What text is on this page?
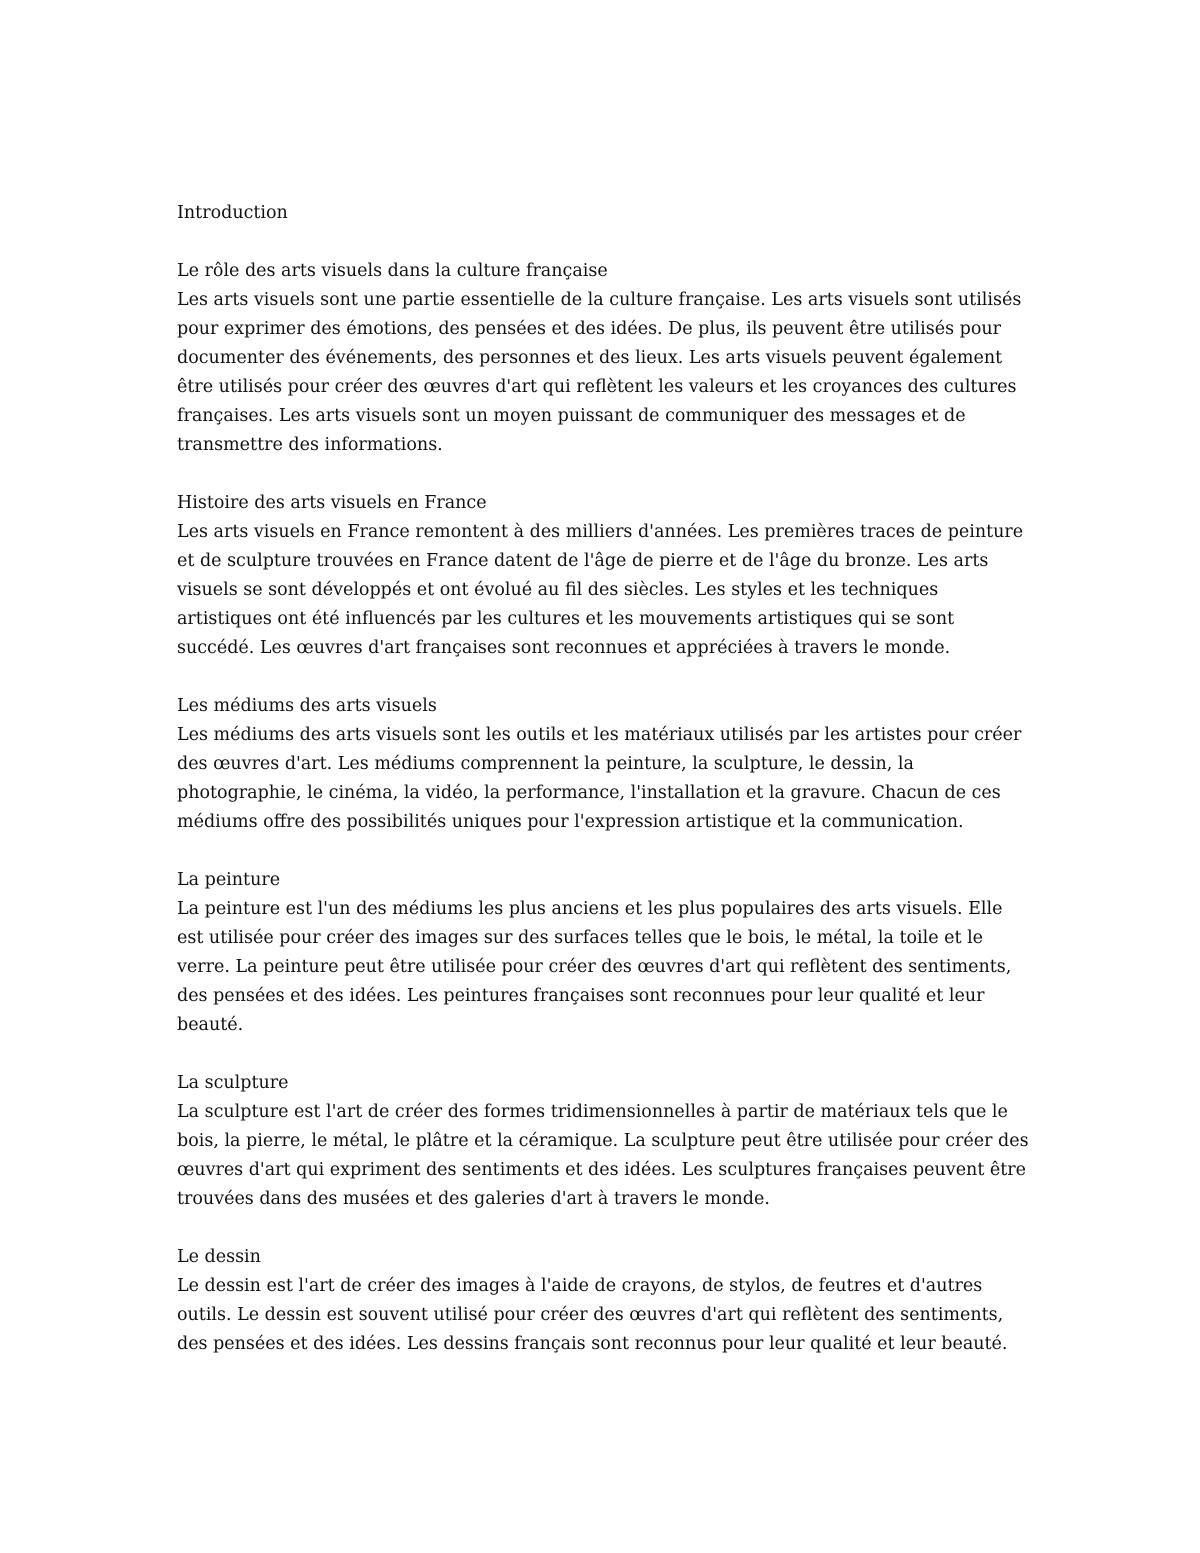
Introduction

Le rôle des arts visuels dans la culture française

Les arts visuels sont une partie essentielle de la culture française. Les arts visuels sont utilisés pour exprimer des émotions, des pensées et des idées. De plus, ils peuvent être utilisés pour documenter des événements, des personnes et des lieux. Les arts visuels peuvent également être utilisés pour créer des œuvres d'art qui reflètent les valeurs et les croyances des cultures françaises. Les arts visuels sont un moyen puissant de communiquer des messages et de transmettre des informations.

Histoire des arts visuels en France

Les arts visuels en France remontent à des milliers d'années. Les premières traces de peinture et de sculpture trouvées en France datent de l'âge de pierre et de l'âge du bronze. Les arts visuels se sont développés et ont évolué au fil des siècles. Les styles et les techniques artistiques ont été influencés par les cultures et les mouvements artistiques qui se sont succédé. Les œuvres d'art françaises sont reconnues et appréciées à travers le monde.

Les médiums des arts visuels

Les médiums des arts visuels sont les outils et les matériaux utilisés par les artistes pour créer des œuvres d'art. Les médiums comprennent la peinture, la sculpture, le dessin, la photographie, le cinéma, la vidéo, la performance, l'installation et la gravure. Chacun de ces médiums offre des possibilités uniques pour l'expression artistique et la communication.

La peinture

La peinture est l'un des médiums les plus anciens et les plus populaires des arts visuels. Elle est utilisée pour créer des images sur des surfaces telles que le bois, le métal, la toile et le verre. La peinture peut être utilisée pour créer des œuvres d'art qui reflètent des sentiments, des pensées et des idées. Les peintures françaises sont reconnues pour leur qualité et leur beauté.

La sculpture

La sculpture est l'art de créer des formes tridimensionnelles à partir de matériaux tels que le bois, la pierre, le métal, le plâtre et la céramique. La sculpture peut être utilisée pour créer des œuvres d'art qui expriment des sentiments et des idées. Les sculptures françaises peuvent être trouvées dans des musées et des galeries d'art à travers le monde.

Le dessin

Le dessin est l'art de créer des images à l'aide de crayons, de stylos, de feutres et d'autres outils. Le dessin est souvent utilisé pour créer des œuvres d'art qui reflètent des sentiments, des pensées et des idées. Les dessins français sont reconnus pour leur qualité et leur beauté.
